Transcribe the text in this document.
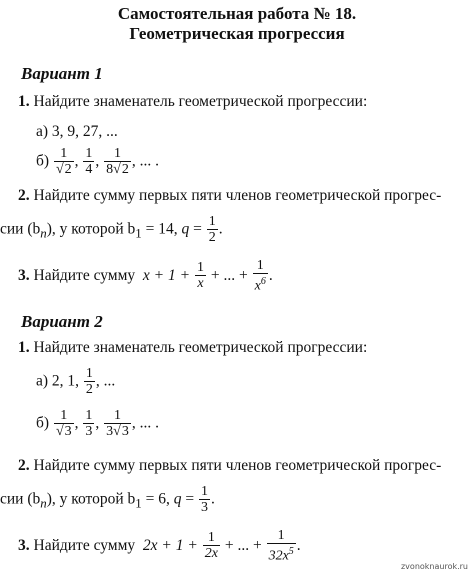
Самостоятельная работа № 18.
Геометрическая прогрессия
Вариант 1
1. Найдите знаменатель геометрической прогрессии:
а) 3, 9, 27, ...
$б) \frac{1}{√2}$ , $\frac{1}{4}$ , $\frac{1}{8√2}$ , ... .
2. Найдите сумму первых пяти членов геометрической прогрес-
сии $(b_n)$, у которой $b_1 = 14$, $q = \frac{1}{2}$ .
3. Найдите сумму $x + 1 + \frac{1}{x}$ + ... + $\frac{1}{x^6}$ .
Вариант 2
1. Найдите знаменатель геометрической прогрессии:
а) 2, 1, $\frac{1}{2}$ , ...
$б) \frac{1}{√3}$ , $\frac{1}{3}$ , $\frac{1}{3√3}$ , ... .
2. Найдите сумму первых пяти членов геометрической прогрес-
сии $(b_n)$, у которой $b_1 = 6$, $q = \frac{1}{3}$ .
3. Найдите сумму $2x + 1 + \frac{1}{2x}$ + ... + $\frac{1}{32x^5}$ .
zvonoknaurok.ru
